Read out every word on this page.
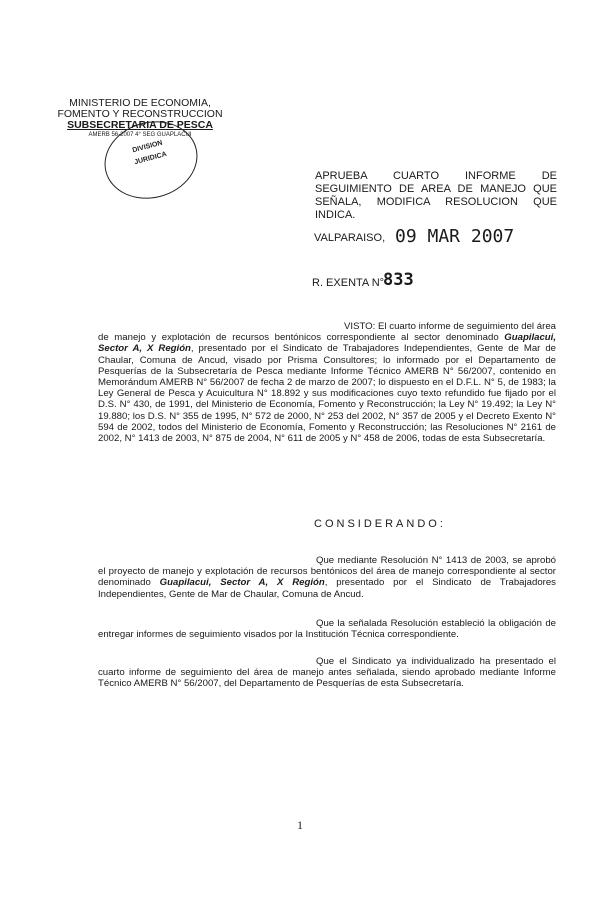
MINISTERIO DE ECONOMIA,
FOMENTO Y RECONSTRUCCION
SUBSECRETARIA DE PESCA
AMERB 56-2007 4° SEG GUAPLACUI
DIVISION
JURIDICA
APRUEBA CUARTO INFORME DE
SEGUIMIENTO DE AREA DE MANEJO QUE
SEÑALA, MODIFICA RESOLUCION QUE INDICA.
VALPARAISO, 09 MAR 2007
R. EXENTA N°
833
VISTO: El cuarto informe de seguimiento del área de manejo y explotación de recursos bentónicos correspondiente al sector denominado Guapilacui, Sector A, X Región, presentado por el Sindicato de Trabajadores Independientes, Gente de Mar de Chaular, Comuna de Ancud, visado por Prisma Consultores; lo informado por el Departamento de Pesquerías de la Subsecretaría de Pesca mediante Informe Técnico AMERB N° 56/2007, contenido en Memorándum AMERB N° 56/2007 de fecha 2 de marzo de 2007; lo dispuesto en el D.F.L. N° 5, de 1983; la Ley General de Pesca y Acuicultura N° 18.892 y sus modificaciones cuyo texto refundido fue fijado por el D.S. N° 430, de 1991, del Ministerio de Economía, Fomento y Reconstrucción; la Ley N° 19.492; la Ley N° 19.880; los D.S. N° 355 de 1995, N° 572 de 2000, N° 253 del 2002, N° 357 de 2005 y el Decreto Exento N° 594 de 2002, todos del Ministerio de Economía, Fomento y Reconstrucción; las Resoluciones N° 2161 de 2002, N° 1413 de 2003, N° 875 de 2004, N° 611 de 2005 y N° 458 de 2006, todas de esta Subsecretaría.
CONSIDERANDO:
Que mediante Resolución N° 1413 de 2003, se aprobó el proyecto de manejo y explotación de recursos bentónicos del área de manejo correspondiente al sector denominado Guapilacui, Sector A, X Región, presentado por el Sindicato de Trabajadores Independientes, Gente de Mar de Chaular, Comuna de Ancud.
Que la señalada Resolución estableció la obligación de entregar informes de seguimiento visados por la Institución Técnica correspondiente.
Que el Sindicato ya individualizado ha presentado el cuarto informe de seguimiento del área de manejo antes señalada, siendo aprobado mediante Informe Técnico AMERB N° 56/2007, del Departamento de Pesquerías de esta Subsecretaría.
1
